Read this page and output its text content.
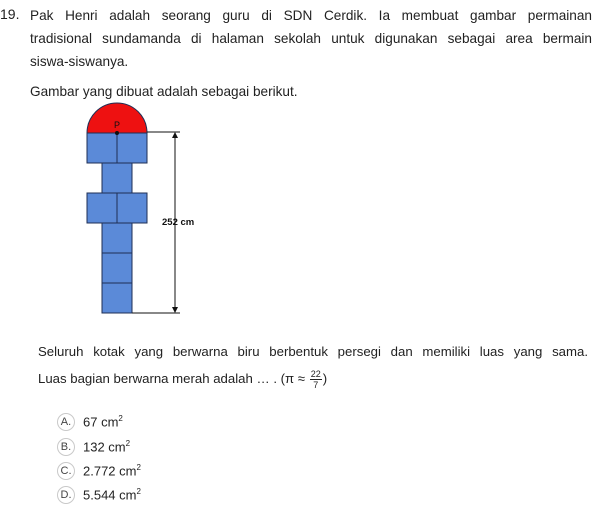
19. Pak Henri adalah seorang guru di SDN Cerdik. Ia membuat gambar permainan
tradisional sundamanda di halaman sekolah untuk digunakan sebagai area bermain
siswa-siswanya.
Gambar yang dibuat adalah sebagai berikut.
P
252 cm
Seluruh kotak yang berwarna biru berbentuk persegi dan memiliki luas yang sama.
Luas bagian berwarna merah adalah … . ($\pi \approx \frac{22}{7}$ )
A. 67 $cm^2$
B. 132 $cm^2$
C. 2.772 $cm^2$
D. 5.544 $cm^2$
